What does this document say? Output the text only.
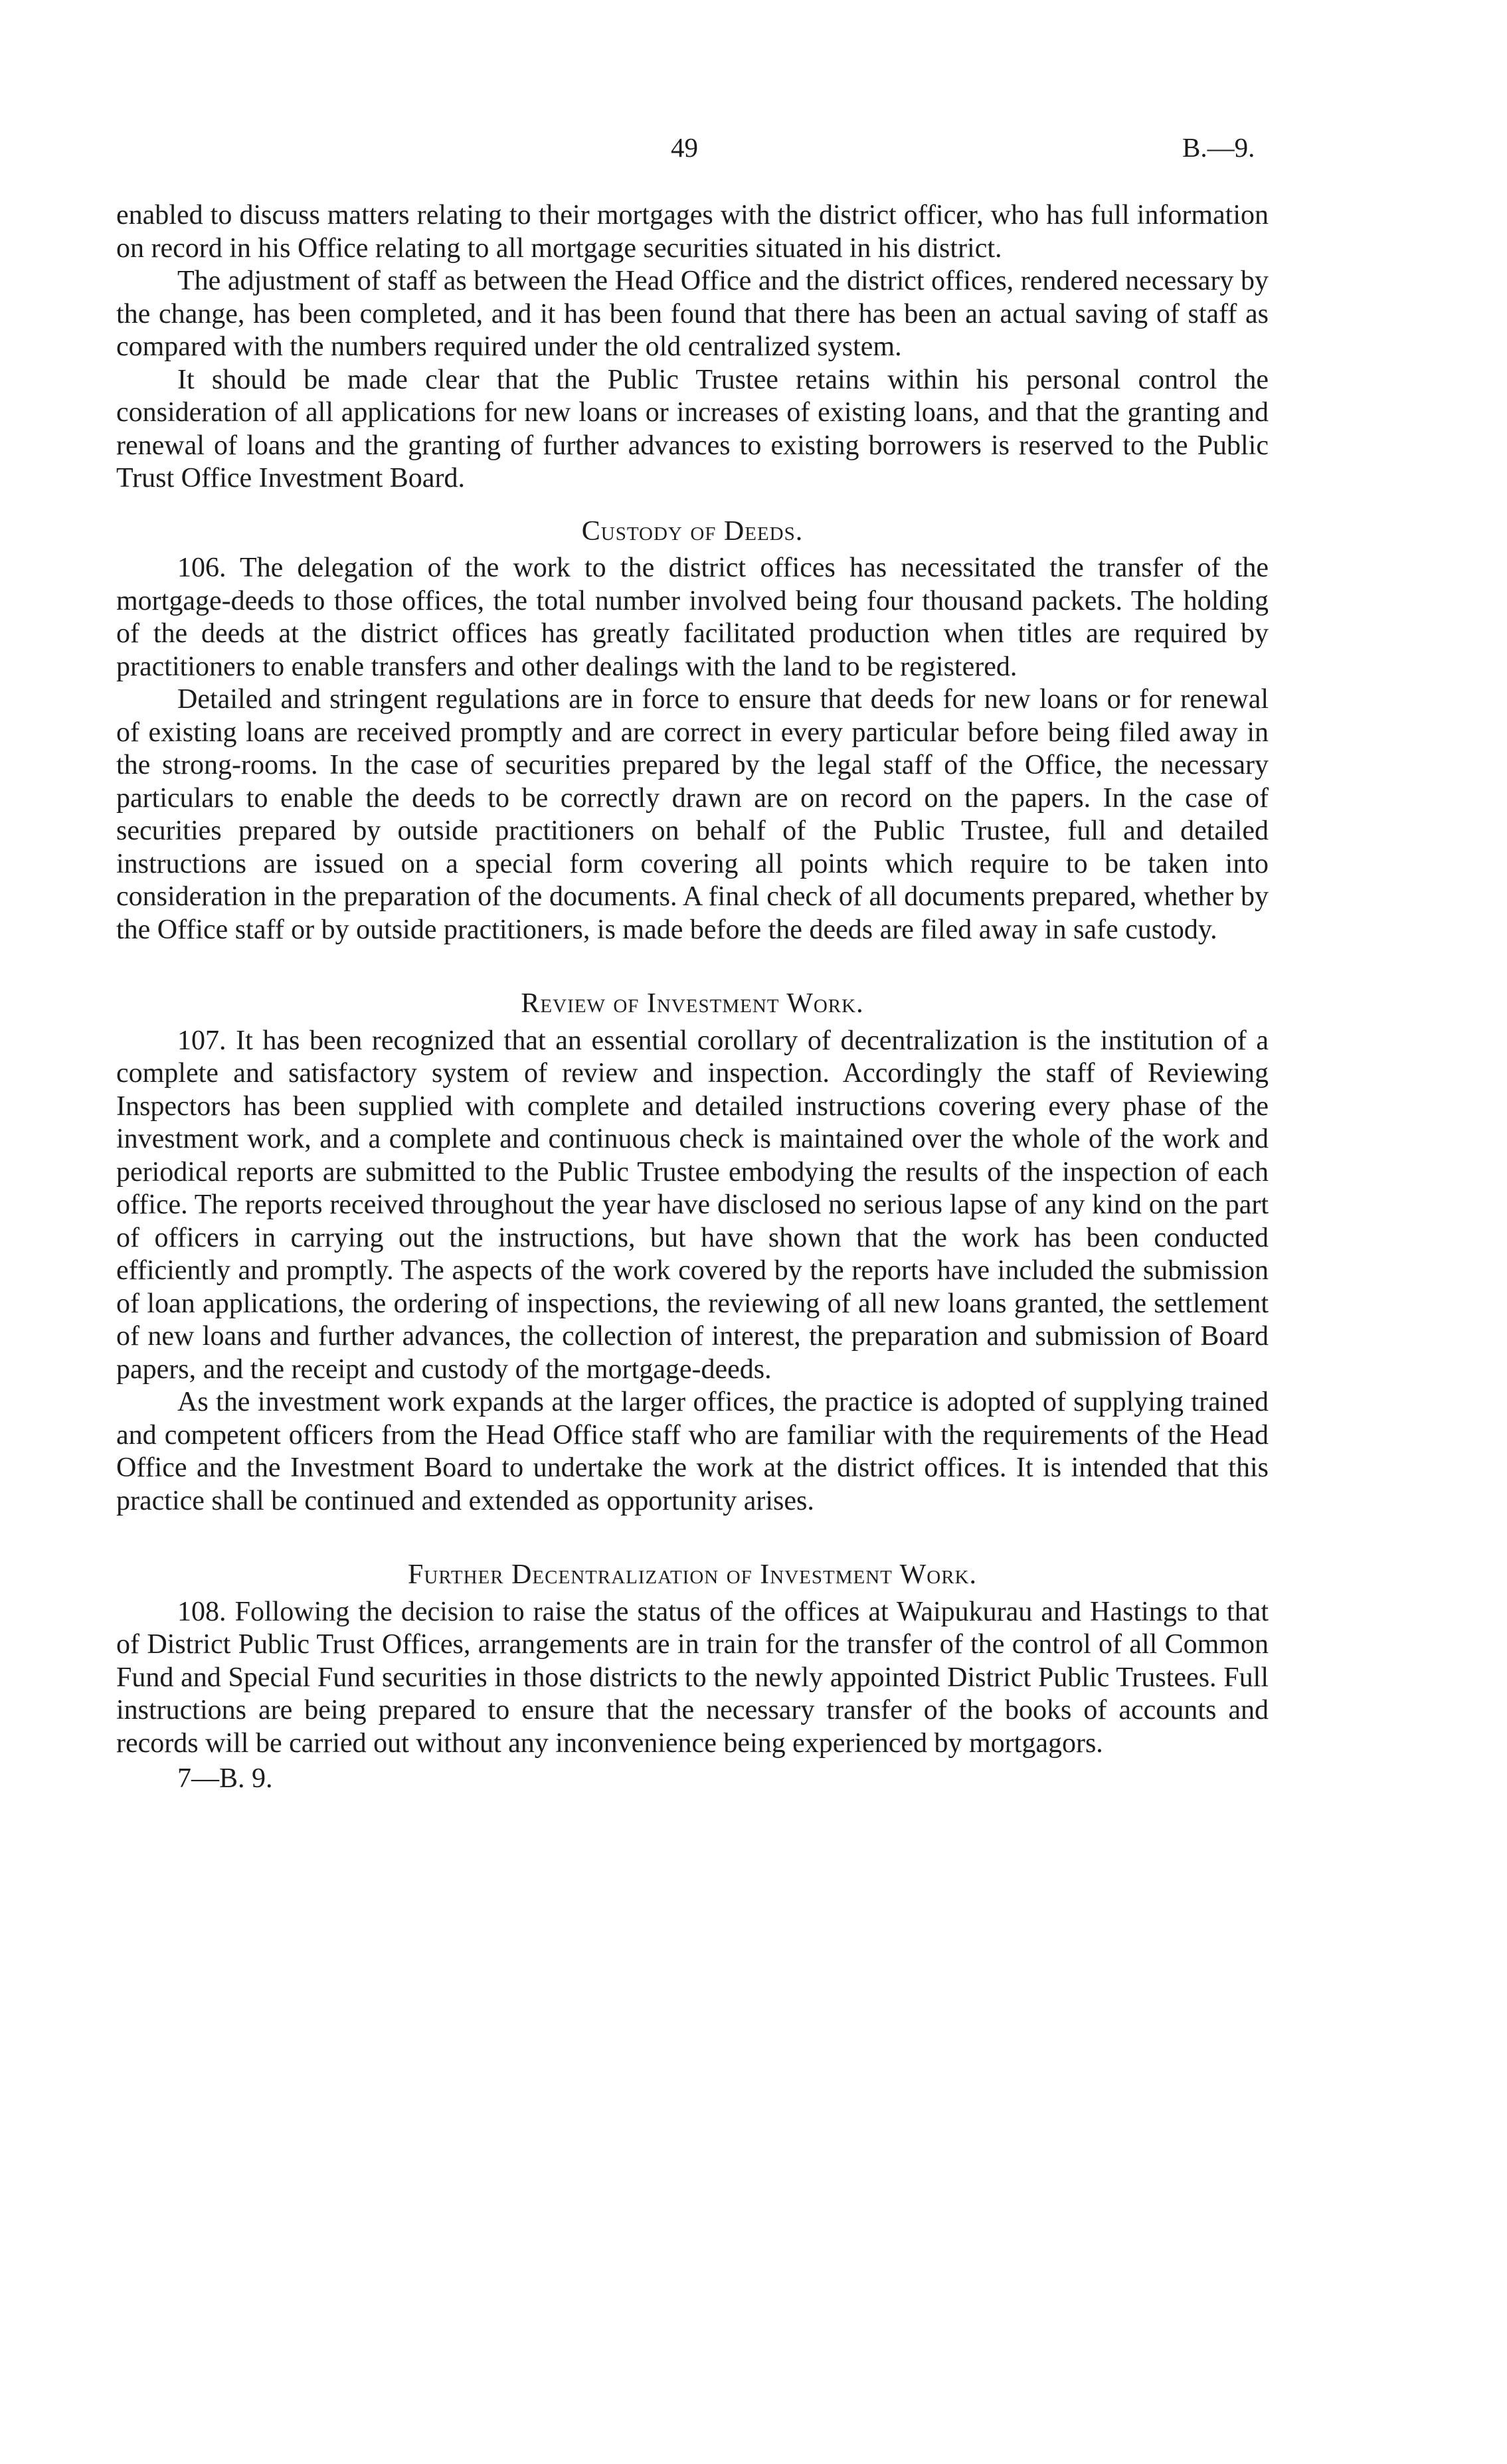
49	B.—9.

enabled to discuss matters relating to their mortgages with the district officer, who has full information on record in his Office relating to all mortgage securities situated in his district.

The adjustment of staff as between the Head Office and the district offices, rendered necessary by the change, has been completed, and it has been found that there has been an actual saving of staff as compared with the numbers required under the old centralized system.

It should be made clear that the Public Trustee retains within his personal control the consideration of all applications for new loans or increases of existing loans, and that the granting and renewal of loans and the granting of further advances to existing borrowers is reserved to the Public Trust Office Investment Board.

Custody of Deeds.

106. The delegation of the work to the district offices has necessitated the transfer of the mortgage-deeds to those offices, the total number involved being four thousand packets. The holding of the deeds at the district offices has greatly facilitated production when titles are required by practitioners to enable transfers and other dealings with the land to be registered.

Detailed and stringent regulations are in force to ensure that deeds for new loans or for renewal of existing loans are received promptly and are correct in every particular before being filed away in the strong-rooms. In the case of securities prepared by the legal staff of the Office, the necessary particulars to enable the deeds to be correctly drawn are on record on the papers. In the case of securities prepared by outside practitioners on behalf of the Public Trustee, full and detailed instructions are issued on a special form covering all points which require to be taken into consideration in the preparation of the documents. A final check of all documents prepared, whether by the Office staff or by outside practitioners, is made before the deeds are filed away in safe custody.

Review of Investment Work.

107. It has been recognized that an essential corollary of decentralization is the institution of a complete and satisfactory system of review and inspection. Accordingly the staff of Reviewing Inspectors has been supplied with complete and detailed instructions covering every phase of the investment work, and a complete and continuous check is maintained over the whole of the work and periodical reports are submitted to the Public Trustee embodying the results of the inspection of each office. The reports received throughout the year have disclosed no serious lapse of any kind on the part of officers in carrying out the instructions, but have shown that the work has been conducted efficiently and promptly. The aspects of the work covered by the reports have included the submission of loan applications, the ordering of inspections, the reviewing of all new loans granted, the settlement of new loans and further advances, the collection of interest, the preparation and submission of Board papers, and the receipt and custody of the mortgage-deeds.

As the investment work expands at the larger offices, the practice is adopted of supplying trained and competent officers from the Head Office staff who are familiar with the requirements of the Head Office and the Investment Board to undertake the work at the district offices. It is intended that this practice shall be continued and extended as opportunity arises.

Further Decentralization of Investment Work.

108. Following the decision to raise the status of the offices at Waipukurau and Hastings to that of District Public Trust Offices, arrangements are in train for the transfer of the control of all Common Fund and Special Fund securities in those districts to the newly appointed District Public Trustees. Full instructions are being prepared to ensure that the necessary transfer of the books of accounts and records will be carried out without any inconvenience being experienced by mortgagors.

7—B. 9.
